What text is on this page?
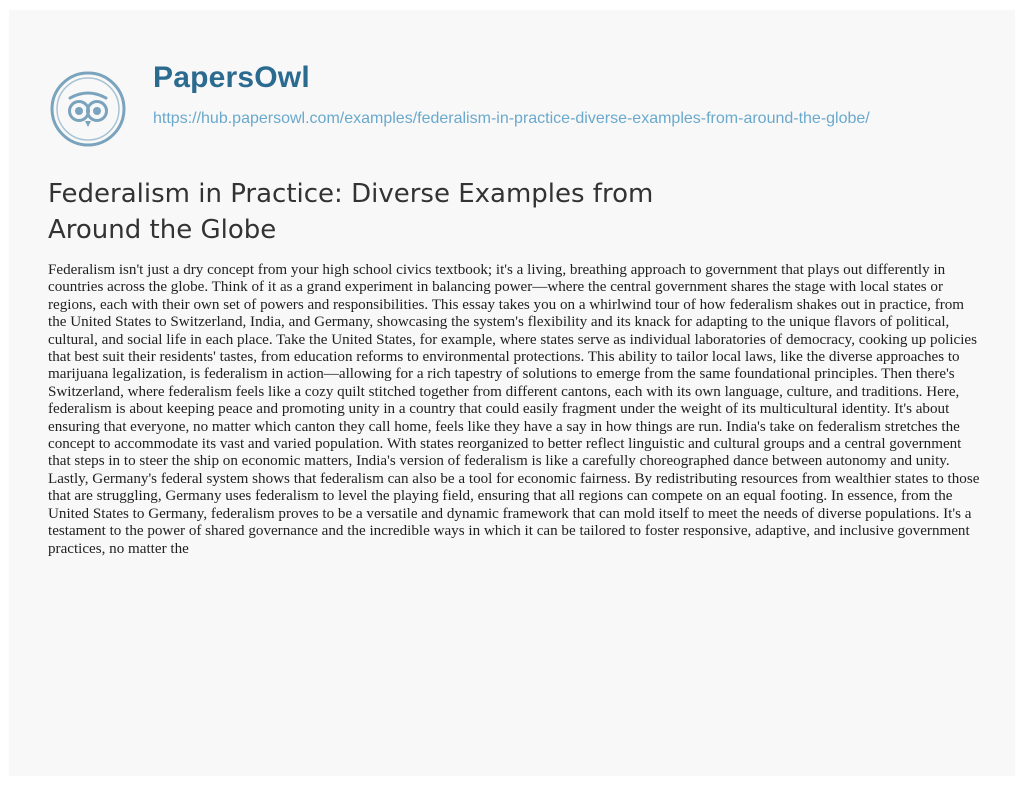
PapersOwl
https://hub.papersowl.com/examples/federalism-in-practice-diverse-examples-from-around-the-globe/
Federalism in Practice: Diverse Examples from Around the Globe

Federalism isn't just a dry concept from your high school civics textbook; it's a living, breathing approach to government that plays out differently in countries across the globe. Think of it as a grand experiment in balancing power—where the central government shares the stage with local states or regions, each with their own set of powers and responsibilities. This essay takes you on a whirlwind tour of how federalism shakes out in practice, from the United States to Switzerland, India, and Germany, showcasing the system's flexibility and its knack for adapting to the unique flavors of political, cultural, and social life in each place. Take the United States, for example, where states serve as individual laboratories of democracy, cooking up policies that best suit their residents' tastes, from education reforms to environmental protections. This ability to tailor local laws, like the diverse approaches to marijuana legalization, is federalism in action—allowing for a rich tapestry of solutions to emerge from the same foundational principles. Then there's Switzerland, where federalism feels like a cozy quilt stitched together from different cantons, each with its own language, culture, and traditions. Here, federalism is about keeping peace and promoting unity in a country that could easily fragment under the weight of its multicultural identity. It's about ensuring that everyone, no matter which canton they call home, feels like they have a say in how things are run. India's take on federalism stretches the concept to accommodate its vast and varied population. With states reorganized to better reflect linguistic and cultural groups and a central government that steps in to steer the ship on economic matters, India's version of federalism is like a carefully choreographed dance between autonomy and unity. Lastly, Germany's federal system shows that federalism can also be a tool for economic fairness. By redistributing resources from wealthier states to those that are struggling, Germany uses federalism to level the playing field, ensuring that all regions can compete on an equal footing. In essence, from the United States to Germany, federalism proves to be a versatile and dynamic framework that can mold itself to meet the needs of diverse populations. It's a testament to the power of shared governance and the incredible ways in which it can be tailored to foster responsive, adaptive, and inclusive government practices, no matter the
